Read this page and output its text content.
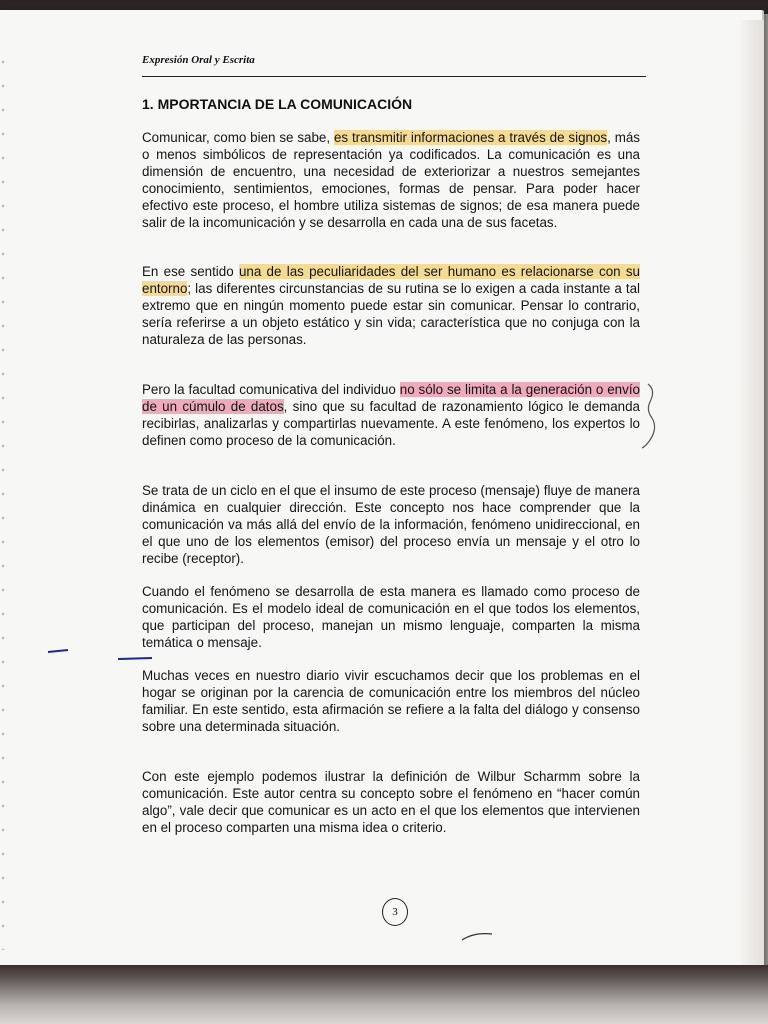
Expresión Oral y Escrita
1. MPORTANCIA DE LA COMUNICACIÓN

Comunicar, como bien se sabe, es transmitir informaciones a través de signos, más o menos simbólicos de representación ya codificados. La comunicación es una dimensión de encuentro, una necesidad de exteriorizar a nuestros semejantes conocimiento, sentimientos, emociones, formas de pensar. Para poder hacer efectivo este proceso, el hombre utiliza sistemas de signos; de esa manera puede salir de la incomunicación y se desarrolla en cada una de sus facetas.

En ese sentido una de las peculiaridades del ser humano es relacionarse con su entorno; las diferentes circunstancias de su rutina se lo exigen a cada instante a tal extremo que en ningún momento puede estar sin comunicar. Pensar lo contrario, sería referirse a un objeto estático y sin vida; característica que no conjuga con la naturaleza de las personas.

Pero la facultad comunicativa del individuo no sólo se limita a la generación o envío de un cúmulo de datos, sino que su facultad de razonamiento lógico le demanda recibirlas, analizarlas y compartirlas nuevamente. A este fenómeno, los expertos lo definen como proceso de la comunicación.

Se trata de un ciclo en el que el insumo de este proceso (mensaje) fluye de manera dinámica en cualquier dirección. Este concepto nos hace comprender que la comunicación va más allá del envío de la información, fenómeno unidireccional, en el que uno de los elementos (emisor) del proceso envía un mensaje y el otro lo recibe (receptor).

Cuando el fenómeno se desarrolla de esta manera es llamado como proceso de comunicación. Es el modelo ideal de comunicación en el que todos los elementos, que participan del proceso, manejan un mismo lenguaje, comparten la misma temática o mensaje.

Muchas veces en nuestro diario vivir escuchamos decir que los problemas en el hogar se originan por la carencia de comunicación entre los miembros del núcleo familiar. En este sentido, esta afirmación se refiere a la falta del diálogo y consenso sobre una determinada situación.

Con este ejemplo podemos ilustrar la definición de Wilbur Scharmm sobre la comunicación. Este autor centra su concepto sobre el fenómeno en “hacer común algo”, vale decir que comunicar es un acto en el que los elementos que intervienen en el proceso comparten una misma idea o criterio.

3
